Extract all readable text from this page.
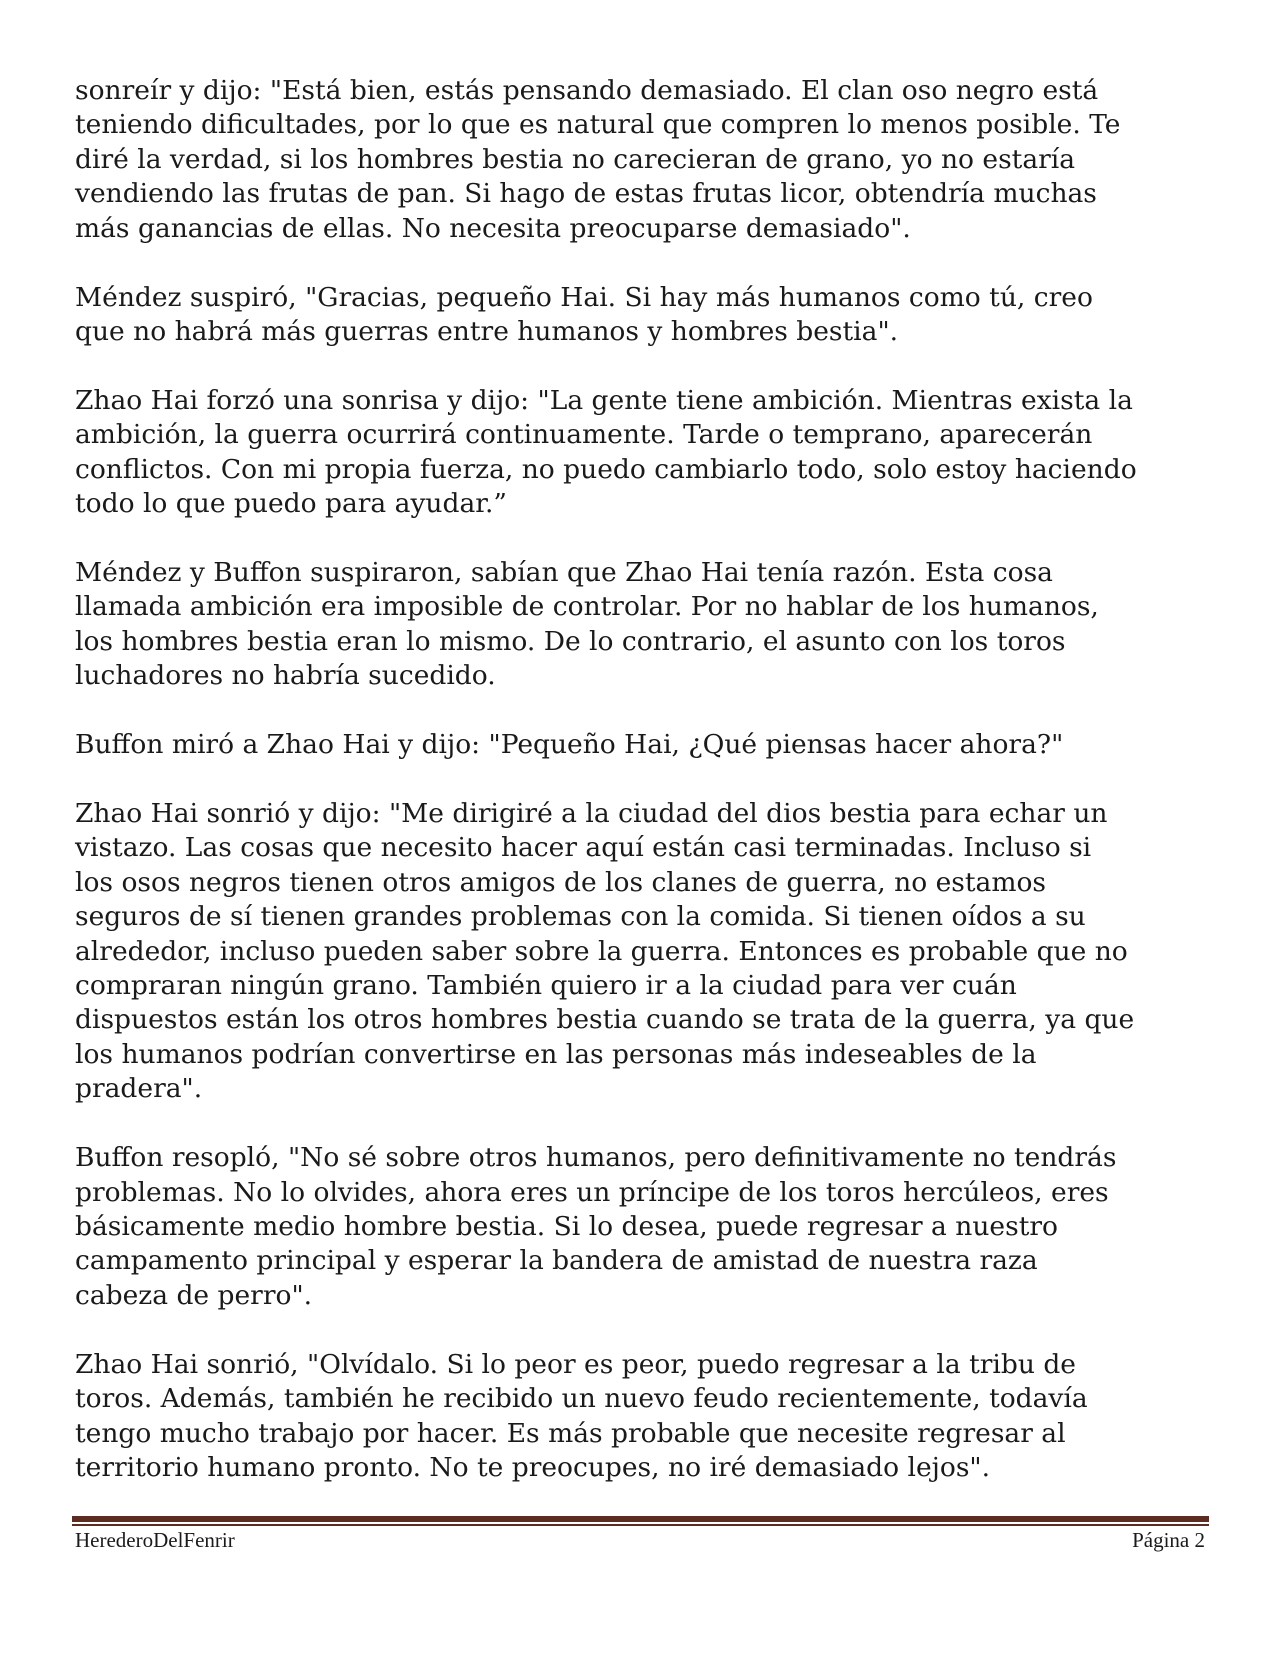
sonreír y dijo: "Está bien, estás pensando demasiado. El clan oso negro está
teniendo dificultades, por lo que es natural que compren lo menos posible. Te
diré la verdad, si los hombres bestia no carecieran de grano, yo no estaría
vendiendo las frutas de pan. Si hago de estas frutas licor, obtendría muchas
más ganancias de ellas. No necesita preocuparse demasiado".

Méndez suspiró, "Gracias, pequeño Hai. Si hay más humanos como tú, creo
que no habrá más guerras entre humanos y hombres bestia".

Zhao Hai forzó una sonrisa y dijo: "La gente tiene ambición. Mientras exista la
ambición, la guerra ocurrirá continuamente. Tarde o temprano, aparecerán
conflictos. Con mi propia fuerza, no puedo cambiarlo todo, solo estoy haciendo
todo lo que puedo para ayudar.”

Méndez y Buffon suspiraron, sabían que Zhao Hai tenía razón. Esta cosa
llamada ambición era imposible de controlar. Por no hablar de los humanos,
los hombres bestia eran lo mismo. De lo contrario, el asunto con los toros
luchadores no habría sucedido.

Buffon miró a Zhao Hai y dijo: "Pequeño Hai, ¿Qué piensas hacer ahora?"

Zhao Hai sonrió y dijo: "Me dirigiré a la ciudad del dios bestia para echar un
vistazo. Las cosas que necesito hacer aquí están casi terminadas. Incluso si
los osos negros tienen otros amigos de los clanes de guerra, no estamos
seguros de sí tienen grandes problemas con la comida. Si tienen oídos a su
alrededor, incluso pueden saber sobre la guerra. Entonces es probable que no
compraran ningún grano. También quiero ir a la ciudad para ver cuán
dispuestos están los otros hombres bestia cuando se trata de la guerra, ya que
los humanos podrían convertirse en las personas más indeseables de la
pradera".

Buffon resopló, "No sé sobre otros humanos, pero definitivamente no tendrás
problemas. No lo olvides, ahora eres un príncipe de los toros hercúleos, eres
básicamente medio hombre bestia. Si lo desea, puede regresar a nuestro
campamento principal y esperar la bandera de amistad de nuestra raza
cabeza de perro".

Zhao Hai sonrió, "Olvídalo. Si lo peor es peor, puedo regresar a la tribu de
toros. Además, también he recibido un nuevo feudo recientemente, todavía
tengo mucho trabajo por hacer. Es más probable que necesite regresar al
territorio humano pronto. No te preocupes, no iré demasiado lejos".

HerederoDelFenrir	Página 2
